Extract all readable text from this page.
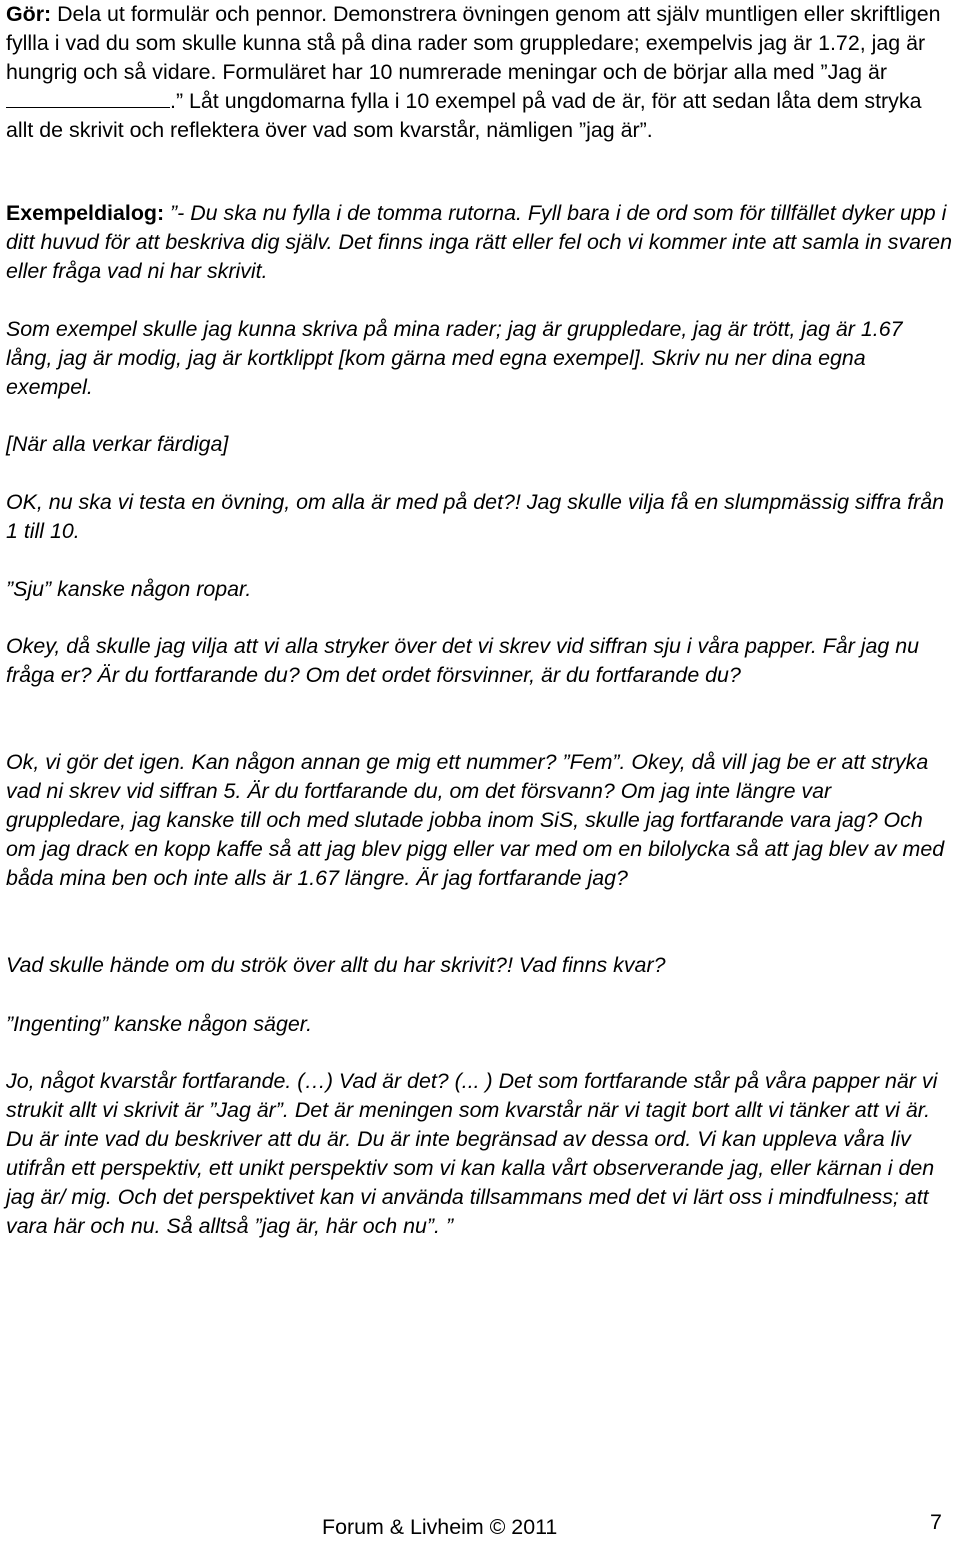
Gör: Dela ut formulär och pennor. Demonstrera övningen genom att själv muntligen eller skriftligen fyllla i vad du som skulle kunna stå på dina rader som gruppledare; exempelvis jag är 1.72, jag är hungrig och så vidare. Formuläret har 10 numrerade meningar och de börjar alla med ”Jag är.” Låt ungdomarna fylla i 10 exempel på vad de är, för att sedan låta dem stryka allt de skrivit och reflektera över vad som kvarstår, nämligen ”jag är”.

Exempeldialog: ”- Du ska nu fylla i de tomma rutorna. Fyll bara i de ord som för tillfället dyker upp i ditt huvud för att beskriva dig själv. Det finns inga rätt eller fel och vi kommer inte att samla in svaren eller fråga vad ni har skrivit.

Som exempel skulle jag kunna skriva på mina rader; jag är gruppledare, jag är trött, jag är 1.67 lång, jag är modig, jag är kortklippt [kom gärna med egna exempel]. Skriv nu ner dina egna exempel.

[När alla verkar färdiga]

OK, nu ska vi testa en övning, om alla är med på det?! Jag skulle vilja få en slumpmässig siffra från 1 till 10.

”Sju” kanske någon ropar.

Okey, då skulle jag vilja att vi alla stryker över det vi skrev vid siffran sju i våra papper. Får jag nu fråga er? Är du fortfarande du? Om det ordet försvinner, är du fortfarande du?

Ok, vi gör det igen. Kan någon annan ge mig ett nummer? ”Fem”. Okey, då vill jag be er att stryka vad ni skrev vid siffran 5. Är du fortfarande du, om det försvann? Om jag inte längre var gruppledare, jag kanske till och med slutade jobba inom SiS, skulle jag fortfarande vara jag? Och om jag drack en kopp kaffe så att jag blev pigg eller var med om en bilolycka så att jag blev av med båda mina ben och inte alls är 1.67 längre. Är jag fortfarande jag?

Vad skulle hände om du strök över allt du har skrivit?! Vad finns kvar?

”Ingenting” kanske någon säger.

Jo, något kvarstår fortfarande. (…) Vad är det? (... ) Det som fortfarande står på våra papper när vi strukit allt vi skrivit är ”Jag är”. Det är meningen som kvarstår när vi tagit bort allt vi tänker att vi är. Du är inte vad du beskriver att du är. Du är inte begränsad av dessa ord. Vi kan uppleva våra liv utifrån ett perspektiv, ett unikt perspektiv som vi kan kalla vårt observerande jag, eller kärnan i den jag är/ mig. Och det perspektivet kan vi använda tillsammans med det vi lärt oss i mindfulness; att vara här och nu. Så alltså ”jag är, här och nu”. ”

Forum & Livheim © 2011	7
